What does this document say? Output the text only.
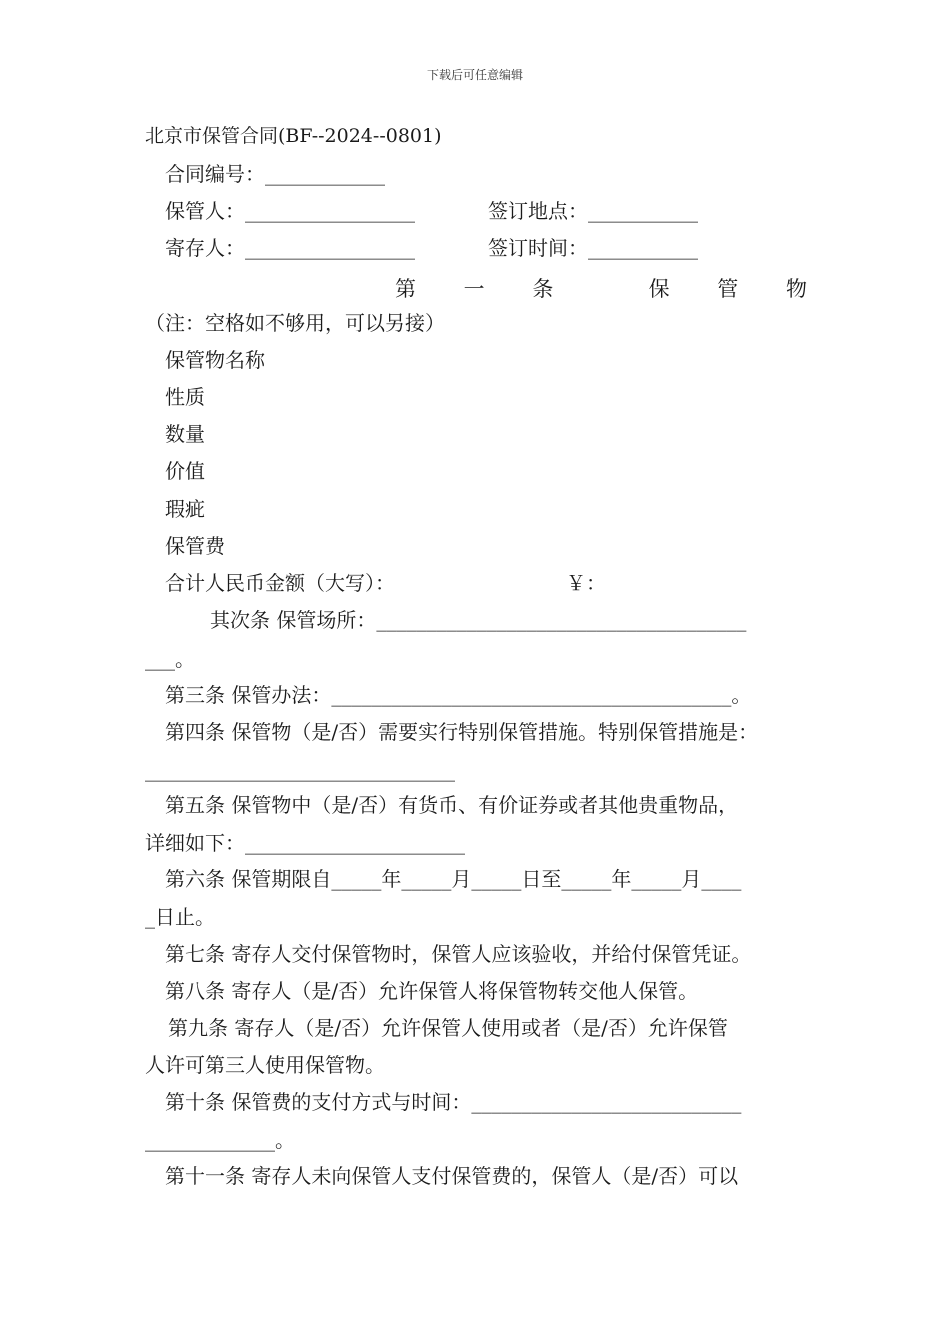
下载后可任意编辑
北京市保管合同(BF--2024--0801)
合同编号：____________
保管人：_________________	签订地点：___________
寄存人：_________________	签订时间：___________
第 一 条	保 管 物
（注：空格如不够用，可以另接）
保管物名称
性质
数量
价值
瑕疵
保管费
合计人民币金额（大写）：	￥：
其次条 保管场所：_____________________________________
___。
第三条 保管办法：________________________________________。
第四条 保管物（是/否）需要实行特别保管措施。特别保管措施是：
_______________________________
第五条 保管物中（是/否）有货币、有价证券或者其他贵重物品，
详细如下：______________________
第六条 保管期限自_____年_____月_____日至_____年_____月____
_日止。
第七条 寄存人交付保管物时，保管人应该验收，并给付保管凭证。
第八条 寄存人（是/否）允许保管人将保管物转交他人保管。
第九条 寄存人（是/否）允许保管人使用或者（是/否）允许保管
人许可第三人使用保管物。
第十条 保管费的支付方式与时间：___________________________
_____________。
第十一条 寄存人未向保管人支付保管费的，保管人（是/否）可以
